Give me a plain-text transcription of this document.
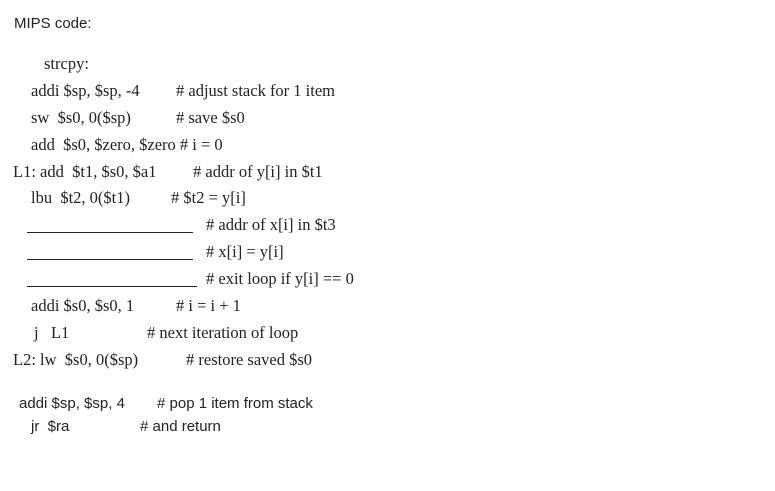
MIPS code:
strcpy:
addi $sp, $sp, -4 # adjust stack for 1 item
sw  $s0, 0($sp)	# save $s0
add  $s0, $zero, $zero # i = 0
L1: add  $t1, $s0, $a1 # addr of y[i] in $t1
lbu  $t2, 0($t1) # $t2 = y[i]
# addr of x[i] in $t3
# x[i] = y[i]
# exit loop if y[i] == 0
addi $s0, $s0, 1	# i = i + 1
j   L1	# next iteration of loop
L2: lw  $s0, 0($sp)	# restore saved $s0
addi $sp, $sp, 4 # pop 1 item from stack
jr  $ra	# and return
